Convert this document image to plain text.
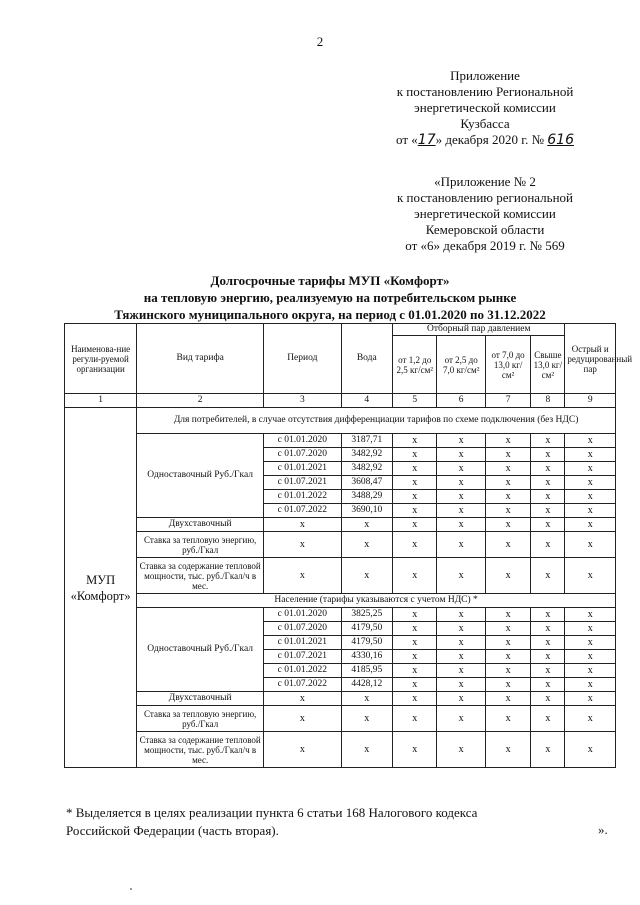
2
Приложение
к постановлению Региональной
энергетической комиссии
Кузбасса
от «17» декабря 2020 г. № 616
«Приложение № 2
к постановлению региональной
энергетической комиссии
Кемеровской области
от «6» декабря 2019 г. № 569
Долгосрочные тарифы МУП «Комфорт»
на тепловую энергию, реализуемую на потребительском рынке
Тяжинского муниципального округа, на период с 01.01.2020 по 31.12.2022
Наименова-ние регули-руемой организации	Вид тарифа	Период	Вода	Отборный пар давлением				Острый и редуцированный пар
				от 1,2 до 2,5 кг/см²	от 2,5 до 7,0 кг/см²	от 7,0 до 13,0 кг/см²	Свыше 13,0 кг/см²	
1	2	3	4	5	6	7	8	9

МУП
«Комфорт»	Для потребителей, в случае отсутствия дифференциации тарифов по схеме подключения (без НДС)							
	Одноставочный Руб./Гкал	с 01.01.2020	3187,71	x	x	x	x	x
		с 01.07.2020	3482,92	x	x	x	x	x
		с 01.01.2021	3482,92	x	x	x	x	x
		с 01.07.2021	3608,47	x	x	x	x	x
		с 01.01.2022	3488,29	x	x	x	x	x
		с 01.07.2022	3690,10	x	x	x	x	x
	Двухставочный	x	x	x	x	x	x	x
	Ставка за тепловую энергию, руб./Гкал	x	x	x	x	x	x	x
	Ставка за содержание тепловой мощности, тыс. руб./Гкал/ч в мес.	x	x	x	x	x	x	x
	Население (тарифы указываются с учетом НДС) *							
	Одноставочный Руб./Гкал	с 01.01.2020	3825,25	x	x	x	x	x
		с 01.07.2020	4179,50	x	x	x	x	x
		с 01.01.2021	4179,50	x	x	x	x	x
		с 01.07.2021	4330,16	x	x	x	x	x
		с 01.01.2022	4185,95	x	x	x	x	x
		с 01.07.2022	4428,12	x	x	x	x	x
	Двухставочный	x	x	x	x	x	x	x
	Ставка за тепловую энергию, руб./Гкал	x	x	x	x	x	x	x
	Ставка за содержание тепловой мощности, тыс. руб./Гкал/ч в мес.	x	x	x	x	x	x	x
* Выделяется в целях реализации пункта 6 статьи 168 Налогового кодекса
Российской Федерации (часть вторая).	».
